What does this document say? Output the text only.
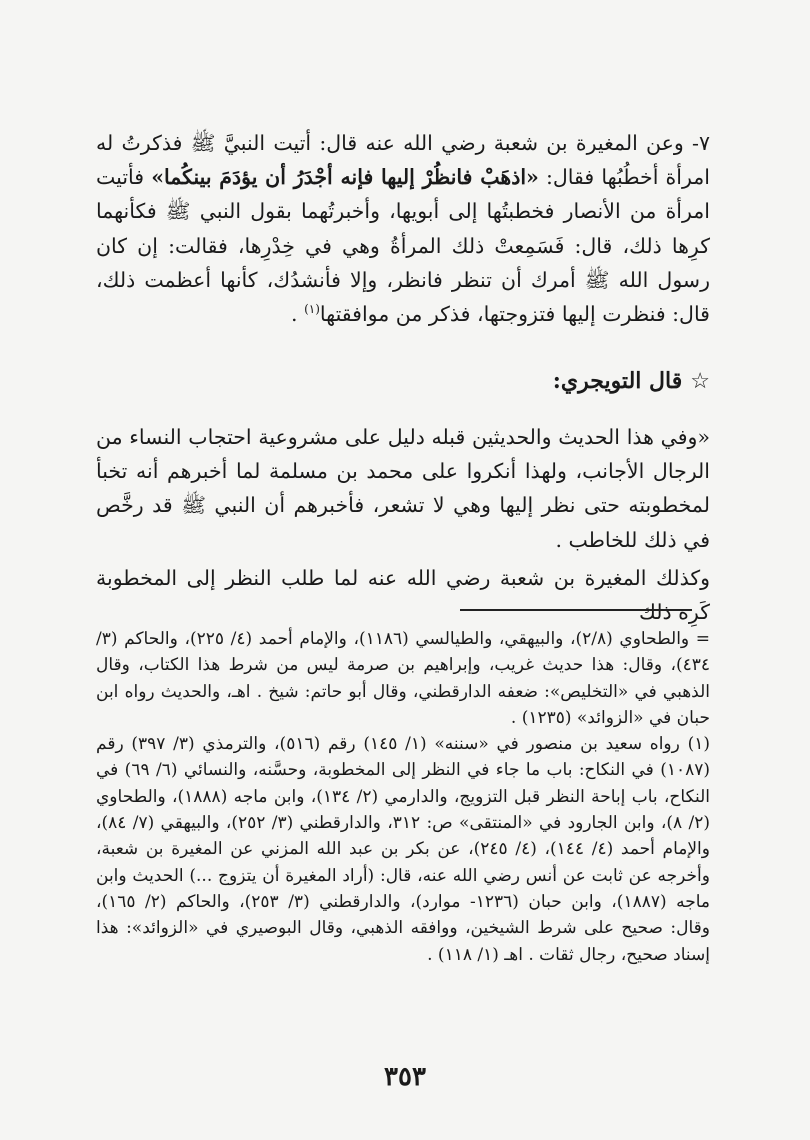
٧- وعن المغيرة بن شعبة رضي الله عنه قال: أتيت النبيَّ ﷺ فذكرتُ له امرأة أخطُبُها فقال: «اذهَبْ فانظُرْ إليها فإنه أجْدَرُ أن يؤدَمَ بينكُما» فأتيت امرأة من الأنصار فخطبتُها إلى أبويها، وأخبرتُهما بقول النبي ﷺ فكأنهما كرِها ذلك، قال: فَسَمِعتْ ذلك المرأةُ وهي في خِدْرِها، فقالت: إن كان رسول الله ﷺ أمرك أن تنظر فانظر، وإلا فأنشدُك، كأنها أعظمت ذلك، قال: فنظرت إليها فتزوجتها، فذكر من موافقتها$^{(١)}$ .

☆قال التويجري:

«وفي هذا الحديث والحديثين قبله دليل على مشروعية احتجاب النساء من الرجال الأجانب، ولهذا أنكروا على محمد بن مسلمة لما أخبرهم أنه تخبأ لمخطوبته حتى نظر إليها وهي لا تشعر، فأخبرهم أن النبي ﷺ قد رخَّص في ذلك للخاطب .

وكذلك المغيرة بن شعبة رضي الله عنه لما طلب النظر إلى المخطوبة كَرِه ذلك

= والطحاوي (٢/٨)، والبيهقي، والطيالسي (١١٨٦)، والإمام أحمد (٤/ ٢٢٥)، والحاكم (٣/ ٤٣٤)، وقال: هذا حديث غريب، وإبراهيم بن صرمة ليس من شرط هذا الكتاب، وقال الذهبي في «التخليص»: ضعفه الدارقطني، وقال أبو حاتم: شيخ . اهـ، والحديث رواه ابن حبان في «الزوائد» (١٢٣٥) .

(١) رواه سعيد بن منصور في «سننه» (١/ ١٤٥) رقم (٥١٦)، والترمذي (٣/ ٣٩٧) رقم (١٠٨٧) في النكاح: باب ما جاء في النظر إلى المخطوبة، وحسَّنه، والنسائي (٦/ ٦٩) في النكاح، باب إباحة النظر قبل التزويج، والدارمي (٢/ ١٣٤)، وابن ماجه (١٨٨٨)، والطحاوي (٢/ ٨)، وابن الجارود في «المنتقى» ص: ٣١٢، والدارقطني (٣/ ٢٥٢)، والبيهقي (٧/ ٨٤)، والإمام أحمد (٤/ ١٤٤)، (٤/ ٢٤٥)، عن بكر بن عبد الله المزني عن المغيرة بن شعبة، وأخرجه عن ثابت عن أنس رضي الله عنه، قال: (أراد المغيرة أن يتزوج ...) الحديث وابن ماجه (١٨٨٧)، وابن حبان (١٢٣٦- موارد)، والدارقطني (٣/ ٢٥٣)، والحاكم (٢/ ١٦٥)، وقال: صحيح على شرط الشيخين، ووافقه الذهبي، وقال البوصيري في «الزوائد»: هذا إسناد صحيح، رجال ثقات . اهـ (١/ ١١٨) .

٣٥٣
